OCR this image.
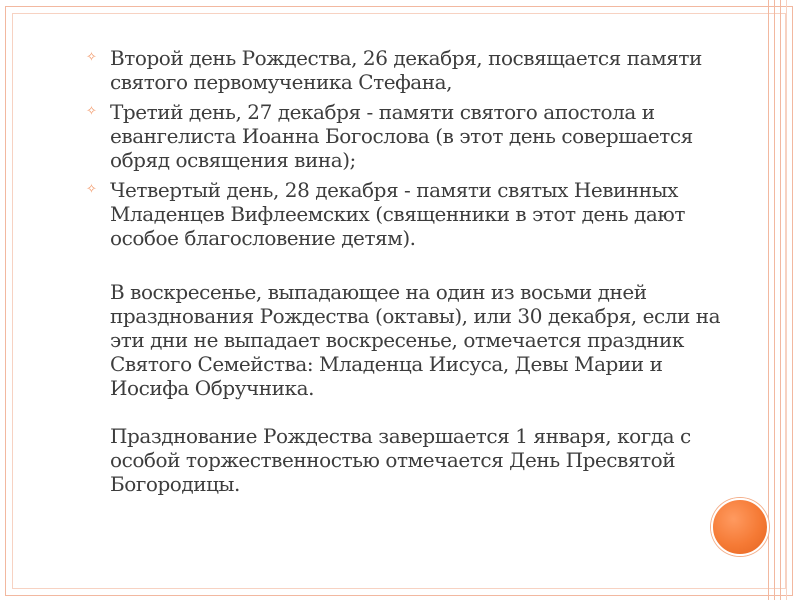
✧ Второй день Рождества, 26 декабря, посвящается памяти
святого первомученика Стефана,
✧ Третий день, 27 декабря - памяти святого апостола и
евангелиста Иоанна Богослова (в этот день совершается
обряд освящения вина);
✧ Четвертый день, 28 декабря - памяти святых Невинных
Младенцев Вифлеемских (священники в этот день дают
особое благословение детям).
В воскресенье, выпадающее на один из восьми дней
празднования Рождества (октавы), или 30 декабря, если на
эти дни не выпадает воскресенье, отмечается праздник
Святого Семейства: Младенца Иисуса, Девы Марии и
Иосифа Обручника.
Празднование Рождества завершается 1 января, когда с
особой торжественностью отмечается День Пресвятой
Богородицы.
